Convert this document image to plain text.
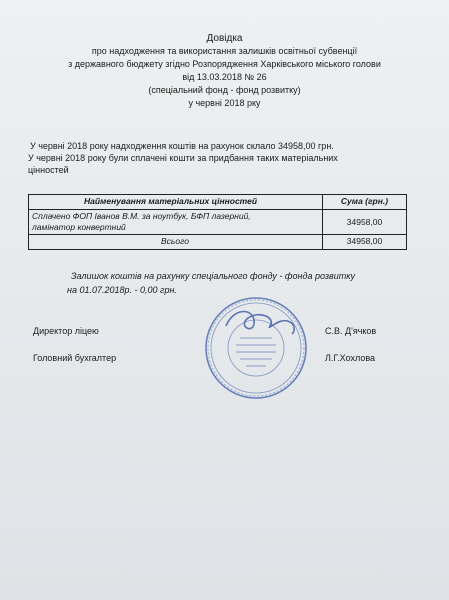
Довідка
про надходження та використання залишків освітньої субвенції
з державного бюджету згідно Розпорядження Харківського міського голови
від 13.03.2018 № 26
(спеціальний фонд - фонд розвитку)
у червні 2018 рку
У червні 2018 року надходження коштів на рахунок склало 34958,00 грн.
У червні 2018 року були сплачені кошти за придбання таких матеріальних
цінностей
Найменування матеріальних цінностей	Сума (грн.)
Сплачено ФОП Іванов В.М. за ноутбук, БФП лазерний,
ламінатор конвертний	34958,00
Всього	34958,00
Залишок коштів на рахунку спеціального фонду - фонда розвитку
на 01.07.2018р. - 0,00 грн.
Директор ліцею	С.В. Д'ячков
Головний бухгалтер	Л.Г.Хохлова
